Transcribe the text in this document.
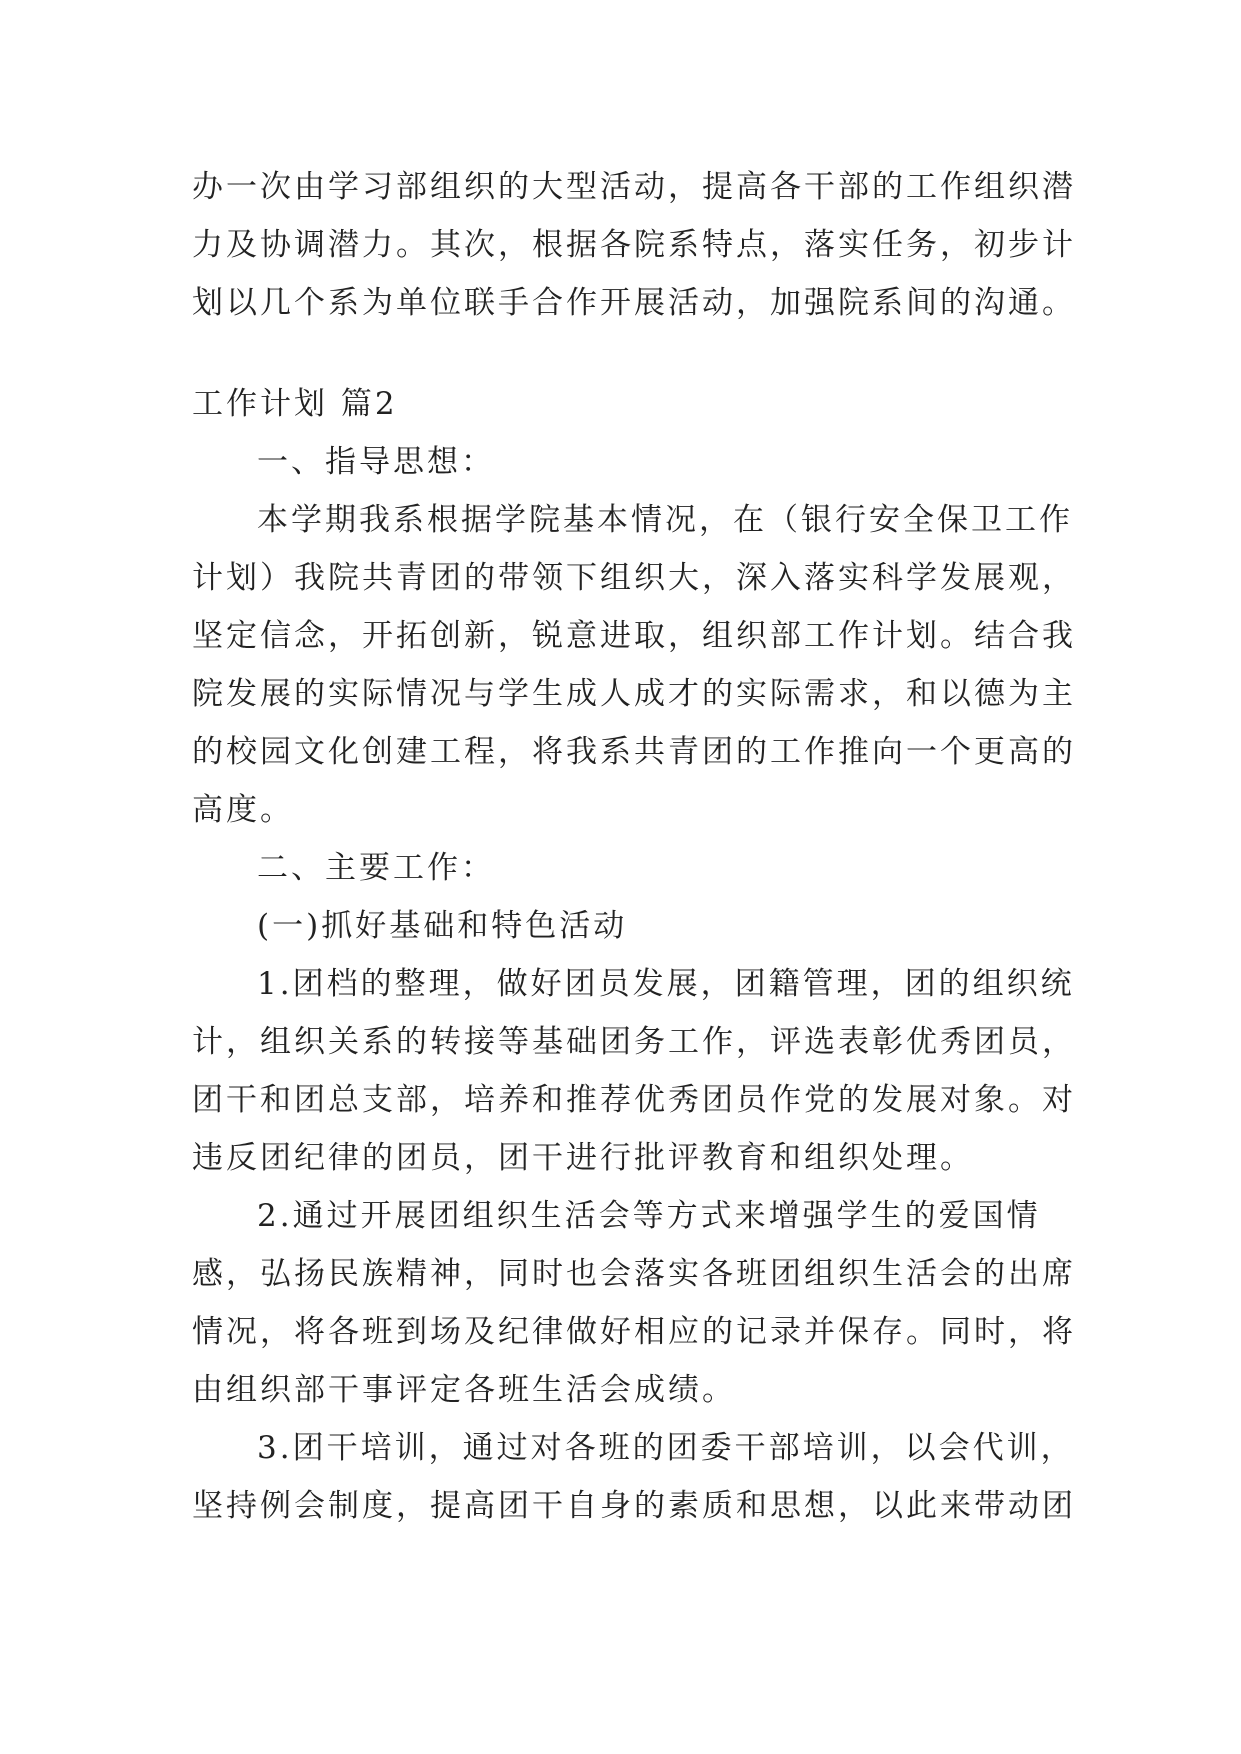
办一次由学习部组织的大型活动，提高各干部的工作组织潜
力及协调潜力。其次，根据各院系特点，落实任务，初步计
划以几个系为单位联手合作开展活动，加强院系间的沟通。
工作计划 篇2
一、指导思想：
本学期我系根据学院基本情况，在（银行安全保卫工作
计划）我院共青团的带领下组织大，深入落实科学发展观，
坚定信念，开拓创新，锐意进取，组织部工作计划。结合我
院发展的实际情况与学生成人成才的实际需求，和以德为主
的校园文化创建工程，将我系共青团的工作推向一个更高的
高度。
二、主要工作：
(一)抓好基础和特色活动
1.团档的整理，做好团员发展，团籍管理，团的组织统
计，组织关系的转接等基础团务工作，评选表彰优秀团员，
团干和团总支部，培养和推荐优秀团员作党的发展对象。对
违反团纪律的团员，团干进行批评教育和组织处理。
2.通过开展团组织生活会等方式来增强学生的爱国情
感，弘扬民族精神，同时也会落实各班团组织生活会的出席
情况，将各班到场及纪律做好相应的记录并保存。同时，将
由组织部干事评定各班生活会成绩。
3.团干培训，通过对各班的团委干部培训，以会代训，
坚持例会制度，提高团干自身的素质和思想，以此来带动团
